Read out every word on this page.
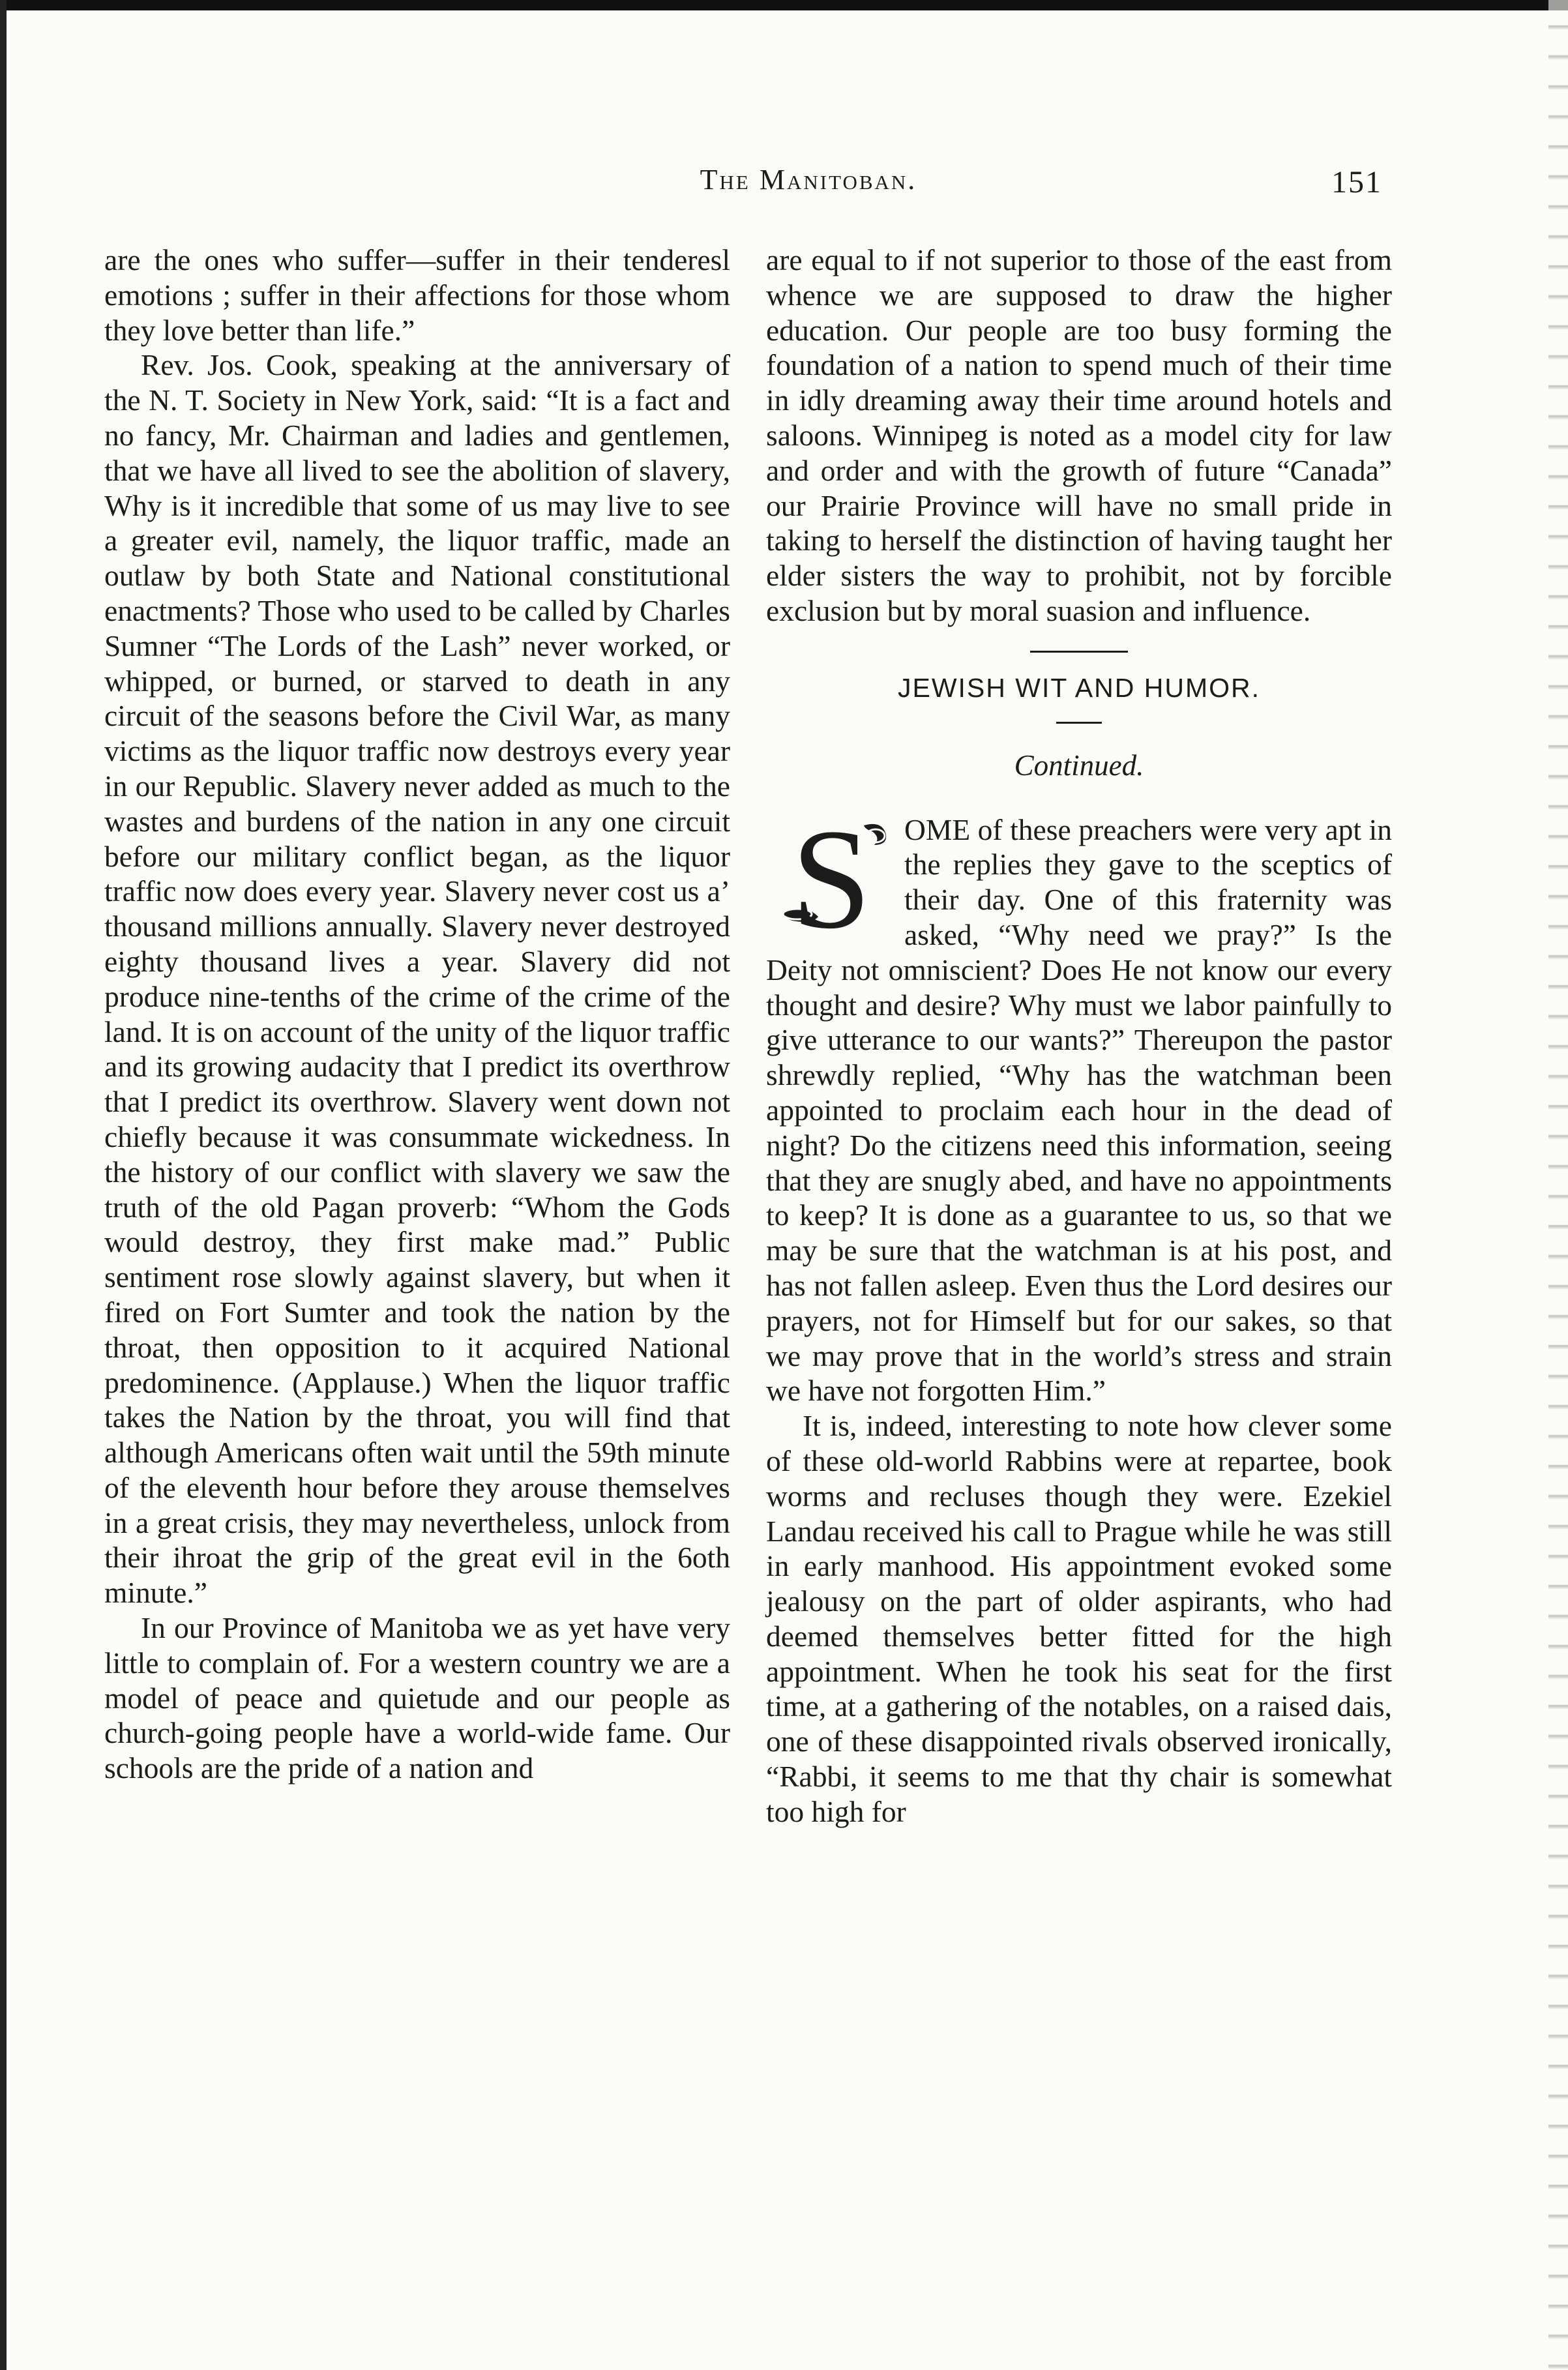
The Manitoban.	151

are the ones who suffer—suffer in their tenderesl emotions ; suffer in their affections for those whom they love better than life.”

Rev. Jos. Cook, speaking at the anniversary of the N. T. Society in New York, said: “It is a fact and no fancy, Mr. Chairman and ladies and gentlemen, that we have all lived to see the abolition of slavery, Why is it incredible that some of us may live to see a greater evil, namely, the liquor traffic, made an outlaw by both State and National constitutional enactments? Those who used to be called by Charles Sumner “The Lords of the Lash” never worked, or whipped, or burned, or starved to death in any circuit of the seasons before the Civil War, as many victims as the liquor traffic now destroys every year in our Republic. Slavery never added as much to the wastes and burdens of the nation in any one circuit before our military conflict began, as the liquor traffic now does every year. Slavery never cost us a’ thousand millions annually. Slavery never destroyed eighty thousand lives a year. Slavery did not produce nine-tenths of the crime of the crime of the land. It is on account of the unity of the liquor traffic and its growing audacity that I predict its overthrow that I predict its overthrow. Slavery went down not chiefly because it was consummate wickedness. In the history of our conflict with slavery we saw the truth of the old Pagan proverb: “Whom the Gods would destroy, they first make mad.” Public sentiment rose slowly against slavery, but when it fired on Fort Sumter and took the nation by the throat, then opposition to it acquired National predominence. (Applause.) When the liquor traffic takes the Nation by the throat, you will find that although Americans often wait until the 59th minute of the eleventh hour before they arouse themselves in a great crisis, they may nevertheless, unlock from their ihroat the grip of the great evil in the 6oth minute.”

In our Province of Manitoba we as yet have very little to complain of. For a western country we are a model of peace and quietude and our people as church-going people have a world-wide fame. Our schools are the pride of a nation and

are equal to if not superior to those of the east from whence we are supposed to draw the higher education. Our people are too busy forming the foundation of a nation to spend much of their time in idly dreaming away their time around hotels and saloons. Winnipeg is noted as a model city for law and order and with the growth of future “Canada” our Prairie Province will have no small pride in taking to herself the distinction of having taught her elder sisters the way to prohibit, not by forcible exclusion but by moral suasion and influence.

JEWISH WIT AND HUMOR.
Continued.
S	OME of these preachers were very apt in the replies they gave to the sceptics of their day. One of this fraternity was asked, “Why need we pray?” Is the Deity not omniscient? Does He not know our every thought and desire? Why must we labor painfully to give utterance to our wants?” Thereupon the pastor shrewdly replied, “Why has the watchman been appointed to proclaim each hour in the dead of night? Do the citizens need this information, seeing that they are snugly abed, and have no appointments to keep? It is done as a guarantee to us, so that we may be sure that the watchman is at his post, and has not fallen asleep. Even thus the Lord desires our prayers, not for Himself but for our sakes, so that we may prove that in the world’s stress and strain we have not forgotten Him.”

It is, indeed, interesting to note how clever some of these old-world Rabbins were at repartee, book worms and recluses though they were. Ezekiel Landau received his call to Prague while he was still in early manhood. His appointment evoked some jealousy on the part of older aspirants, who had deemed themselves better fitted for the high appointment. When he took his seat for the first time, at a gathering of the notables, on a raised dais, one of these disappointed rivals observed ironically, “Rabbi, it seems to me that thy chair is somewhat too high for
